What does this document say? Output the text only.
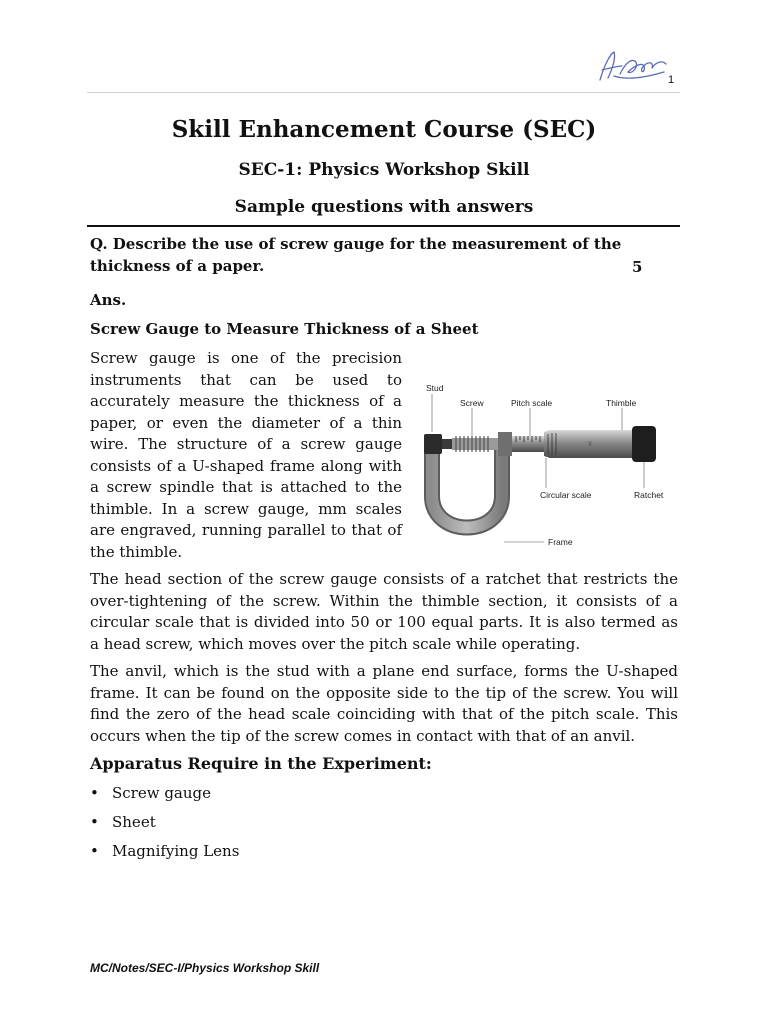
1
Skill Enhancement Course (SEC)
SEC-1: Physics Workshop Skill
Sample questions with answers
Q. Describe the use of screw gauge for the measurement of the thickness of a paper.	5
Ans.
Screw Gauge to Measure Thickness of a Sheet
Screw gauge is one of the precision instruments that can be used to accurately measure the thickness of a paper, or even the diameter of a thin wire. The structure of a screw gauge consists of a U-shaped frame along with a screw spindle that is attached to the thimble. In a screw gauge, mm scales are engraved, running parallel to that of the thimble.
x
Stud
Screw	Pitch scale	Thimble
Circular scale	Ratchet
Frame
The head section of the screw gauge consists of a ratchet that restricts the over-tightening of the screw. Within the thimble section, it consists of a circular scale that is divided into 50 or 100 equal parts. It is also termed as a head screw, which moves over the pitch scale while operating.
The anvil, which is the stud with a plane end surface, forms the U-shaped frame. It can be found on the opposite side to the tip of the screw. You will find the zero of the head scale coinciding with that of the pitch scale. This occurs when the tip of the screw comes in contact with that of an anvil.
Apparatus Require in the Experiment:
• Screw gauge
• Sheet
• Magnifying Lens
MC/Notes/SEC-I/Physics Workshop Skill
